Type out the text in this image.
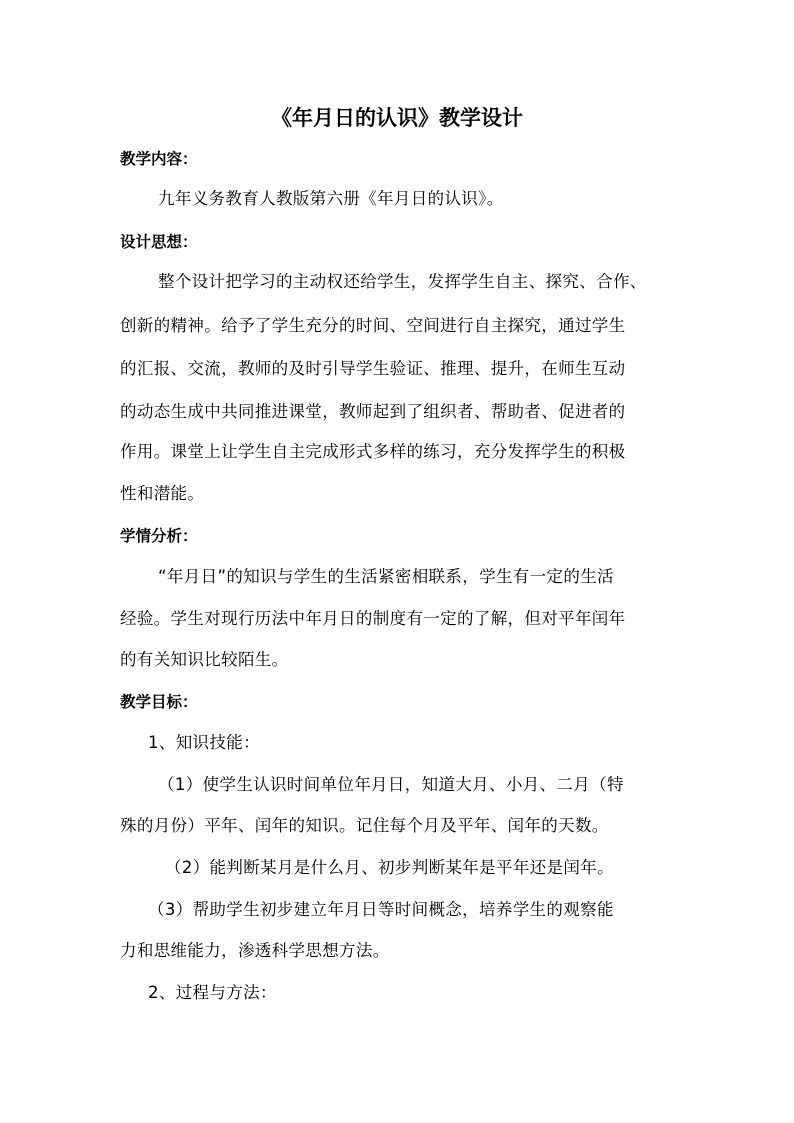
《年月日的认识》教学设计
教学内容：
九年义务教育人教版第六册《年月日的认识》。
设计思想：
整个设计把学习的主动权还给学生，发挥学生自主、探究、合作、
创新的精神。给予了学生充分的时间、空间进行自主探究，通过学生
的汇报、交流，教师的及时引导学生验证、推理、提升，在师生互动
的动态生成中共同推进课堂，教师起到了组织者、帮助者、促进者的
作用。课堂上让学生自主完成形式多样的练习，充分发挥学生的积极
性和潜能。
学情分析：
“年月日”的知识与学生的生活紧密相联系，学生有一定的生活
经验。学生对现行历法中年月日的制度有一定的了解，但对平年闰年
的有关知识比较陌生。
教学目标：
1、知识技能：
（1）使学生认识时间单位年月日，知道大月、小月、二月（特
殊的月份）平年、闰年的知识。记住每个月及平年、闰年的天数。
（2）能判断某月是什么月、初步判断某年是平年还是闰年。
（3）帮助学生初步建立年月日等时间概念，培养学生的观察能
力和思维能力，渗透科学思想方法。
2、过程与方法：
